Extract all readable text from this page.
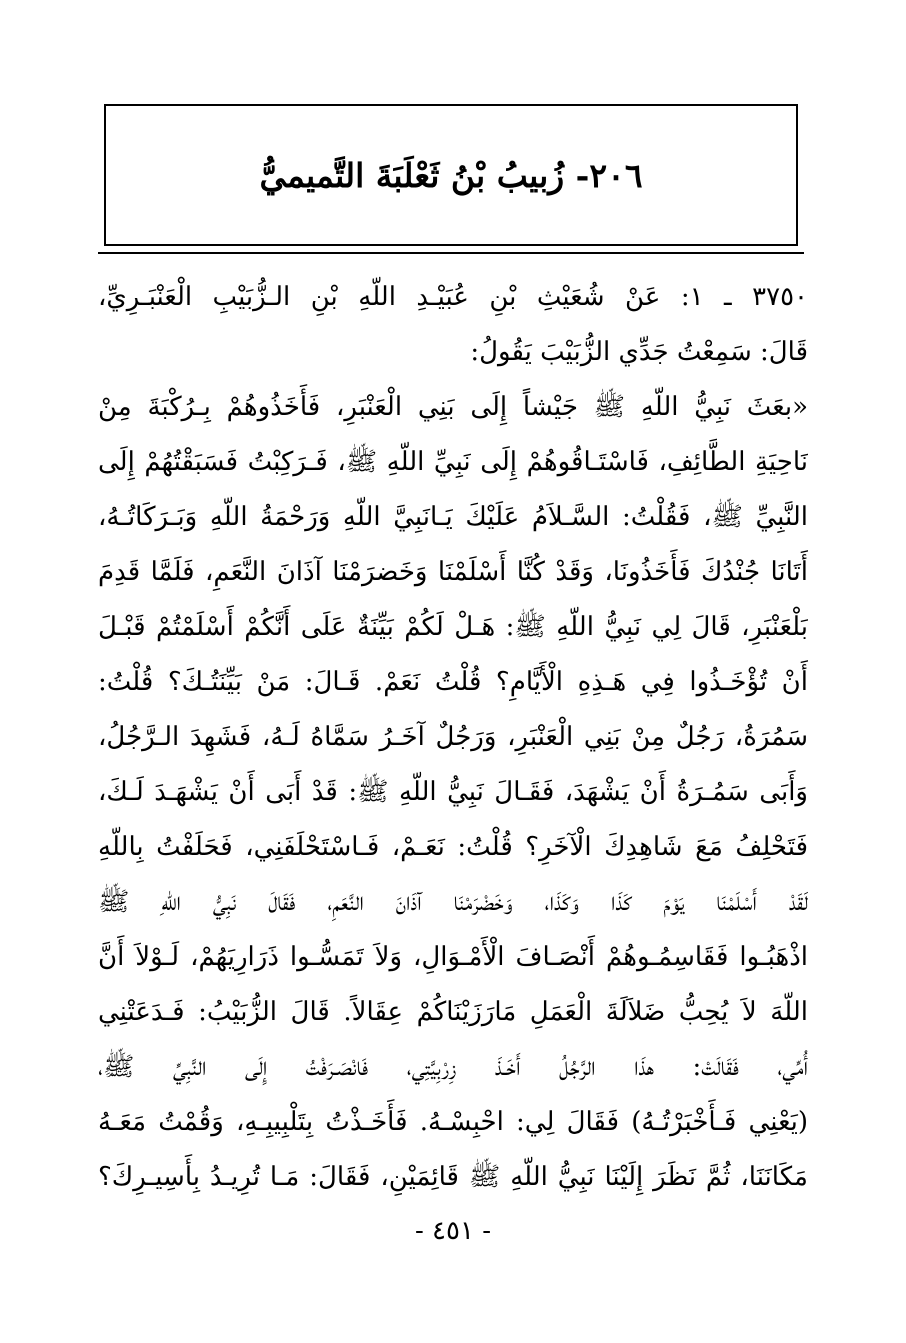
٢٠٦- زُبيبُ بْنُ ثَعْلَبَةَ التَّميميُّ
٣٧٥٠ ـ ١: عَنْ شُعَيْثِ بْنِ عُبَيْـدِ اللّهِ بْنِ الـزُّبَيْبِ الْعَنْبَـرِيِّ،
قَالَ: سَمِعْتُ جَدِّي الزُّبَيْبَ يَقُولُ:
«بعَثَ نَبِيُّ اللّهِ ﷺ جَيْشاً إِلَى بَنِي الْعَنْبَرِ، فَأَخَذُوهُمْ بِـرُكْبَةَ مِنْ
نَاحِيَةِ الطَّائِفِ، فَاسْتَـاقُوهُمْ إِلَى نَبِيِّ اللّهِ ﷺ، فَـرَكِبْتُ فَسَبَقْتُهُمْ إِلَى
النَّبِيِّ ﷺ، فَقُلْتُ: السَّـلاَمُ عَلَيْكَ يَـانَبِيَّ اللّهِ وَرَحْمَةُ اللّهِ وَبَـرَكَاتُـهُ،
أَتَانَا جُنْدُكَ فَأَخَذُونَا، وَقَدْ كُنَّا أَسْلَمْنَا وَخَضرَمْنَا آذَانَ النَّعَمِ، فَلَمَّا قَدِمَ
بَلْعَنْبَرِ، قَالَ لِي نَبِيُّ اللّهِ ﷺ: هَـلْ لَكُمْ بَيِّنَةٌ عَلَى أَنَّكُمْ أَسْلَمْتُمْ قَبْـلَ
أَنْ تُؤْخَـذُوا فِي هَـذِهِ الْأَيَّامِ؟ قُلْتُ نَعَمْ. قَـالَ: مَنْ بَيِّنَتُـكَ؟ قُلْتُ:
سَمُرَةُ، رَجُلٌ مِنْ بَنِي الْعَنْبَرِ، وَرَجُلٌ آخَـرُ سَمَّاهُ لَـهُ، فَشَهِدَ الـرَّجُلُ،
وَأَبَى سَمُـرَةُ أَنْ يَشْهَدَ، فَقَـالَ نَبِيُّ اللّهِ ﷺ: قَدْ أَبَى أَنْ يَشْهَـدَ لَـكَ،
فَتَحْلِفُ مَعَ شَاهِدِكَ الْآخَرِ؟ قُلْتُ: نَعَـمْ، فَـاسْتَحْلَفَنِي، فَحَلَفْتُ بِاللّهِ
لَقَدْ أَسْلَمْنَا يَوْمَ كَذَا وَكَذَا، وَخَضْرَمْنَا آذَانَ النَّعَمِ، فَقَالَ نَبِيُّ اللّهِ ﷺ
اذْهَبُـوا فَقَاسِمُـوهُمْ أَنْصَـافَ الْأَمْـوَالِ، وَلاَ تَمَسُّـوا ذَرَارِيَهُمْ، لَـوْلاَ أَنَّ
اللّهَ لاَ يُحِبُّ ضَلاَلَةَ الْعَمَلِ مَارَزَيْنَاكُمْ عِقَالاً. قَالَ الزُّبَيْبُ: فَـدَعَتْنِي
أُمِّي، فَقَالَتْ: هذَا الرَّجُلُ أَخَـذَ زِرْبِيَّتِي، فَانْصَـرَفْتُ إِلَى النَّبِيِّ ﷺ،
(يَعْنِي فَـأَخْبَرْتُـهُ) فَقَالَ لِي: احْبِسْـهُ. فَأَخَـذْتُ بِتَلْبِيبِـهِ، وَقُمْتُ مَعَـهُ
مَكَانَنَا، ثُمَّ نَظَرَ إِلَيْنَا نَبِيُّ اللّهِ ﷺ قَائِمَيْنِ، فَقَالَ: مَـا تُرِيـدُ بِأَسِيـرِكَ؟
- ٤٥١ -
